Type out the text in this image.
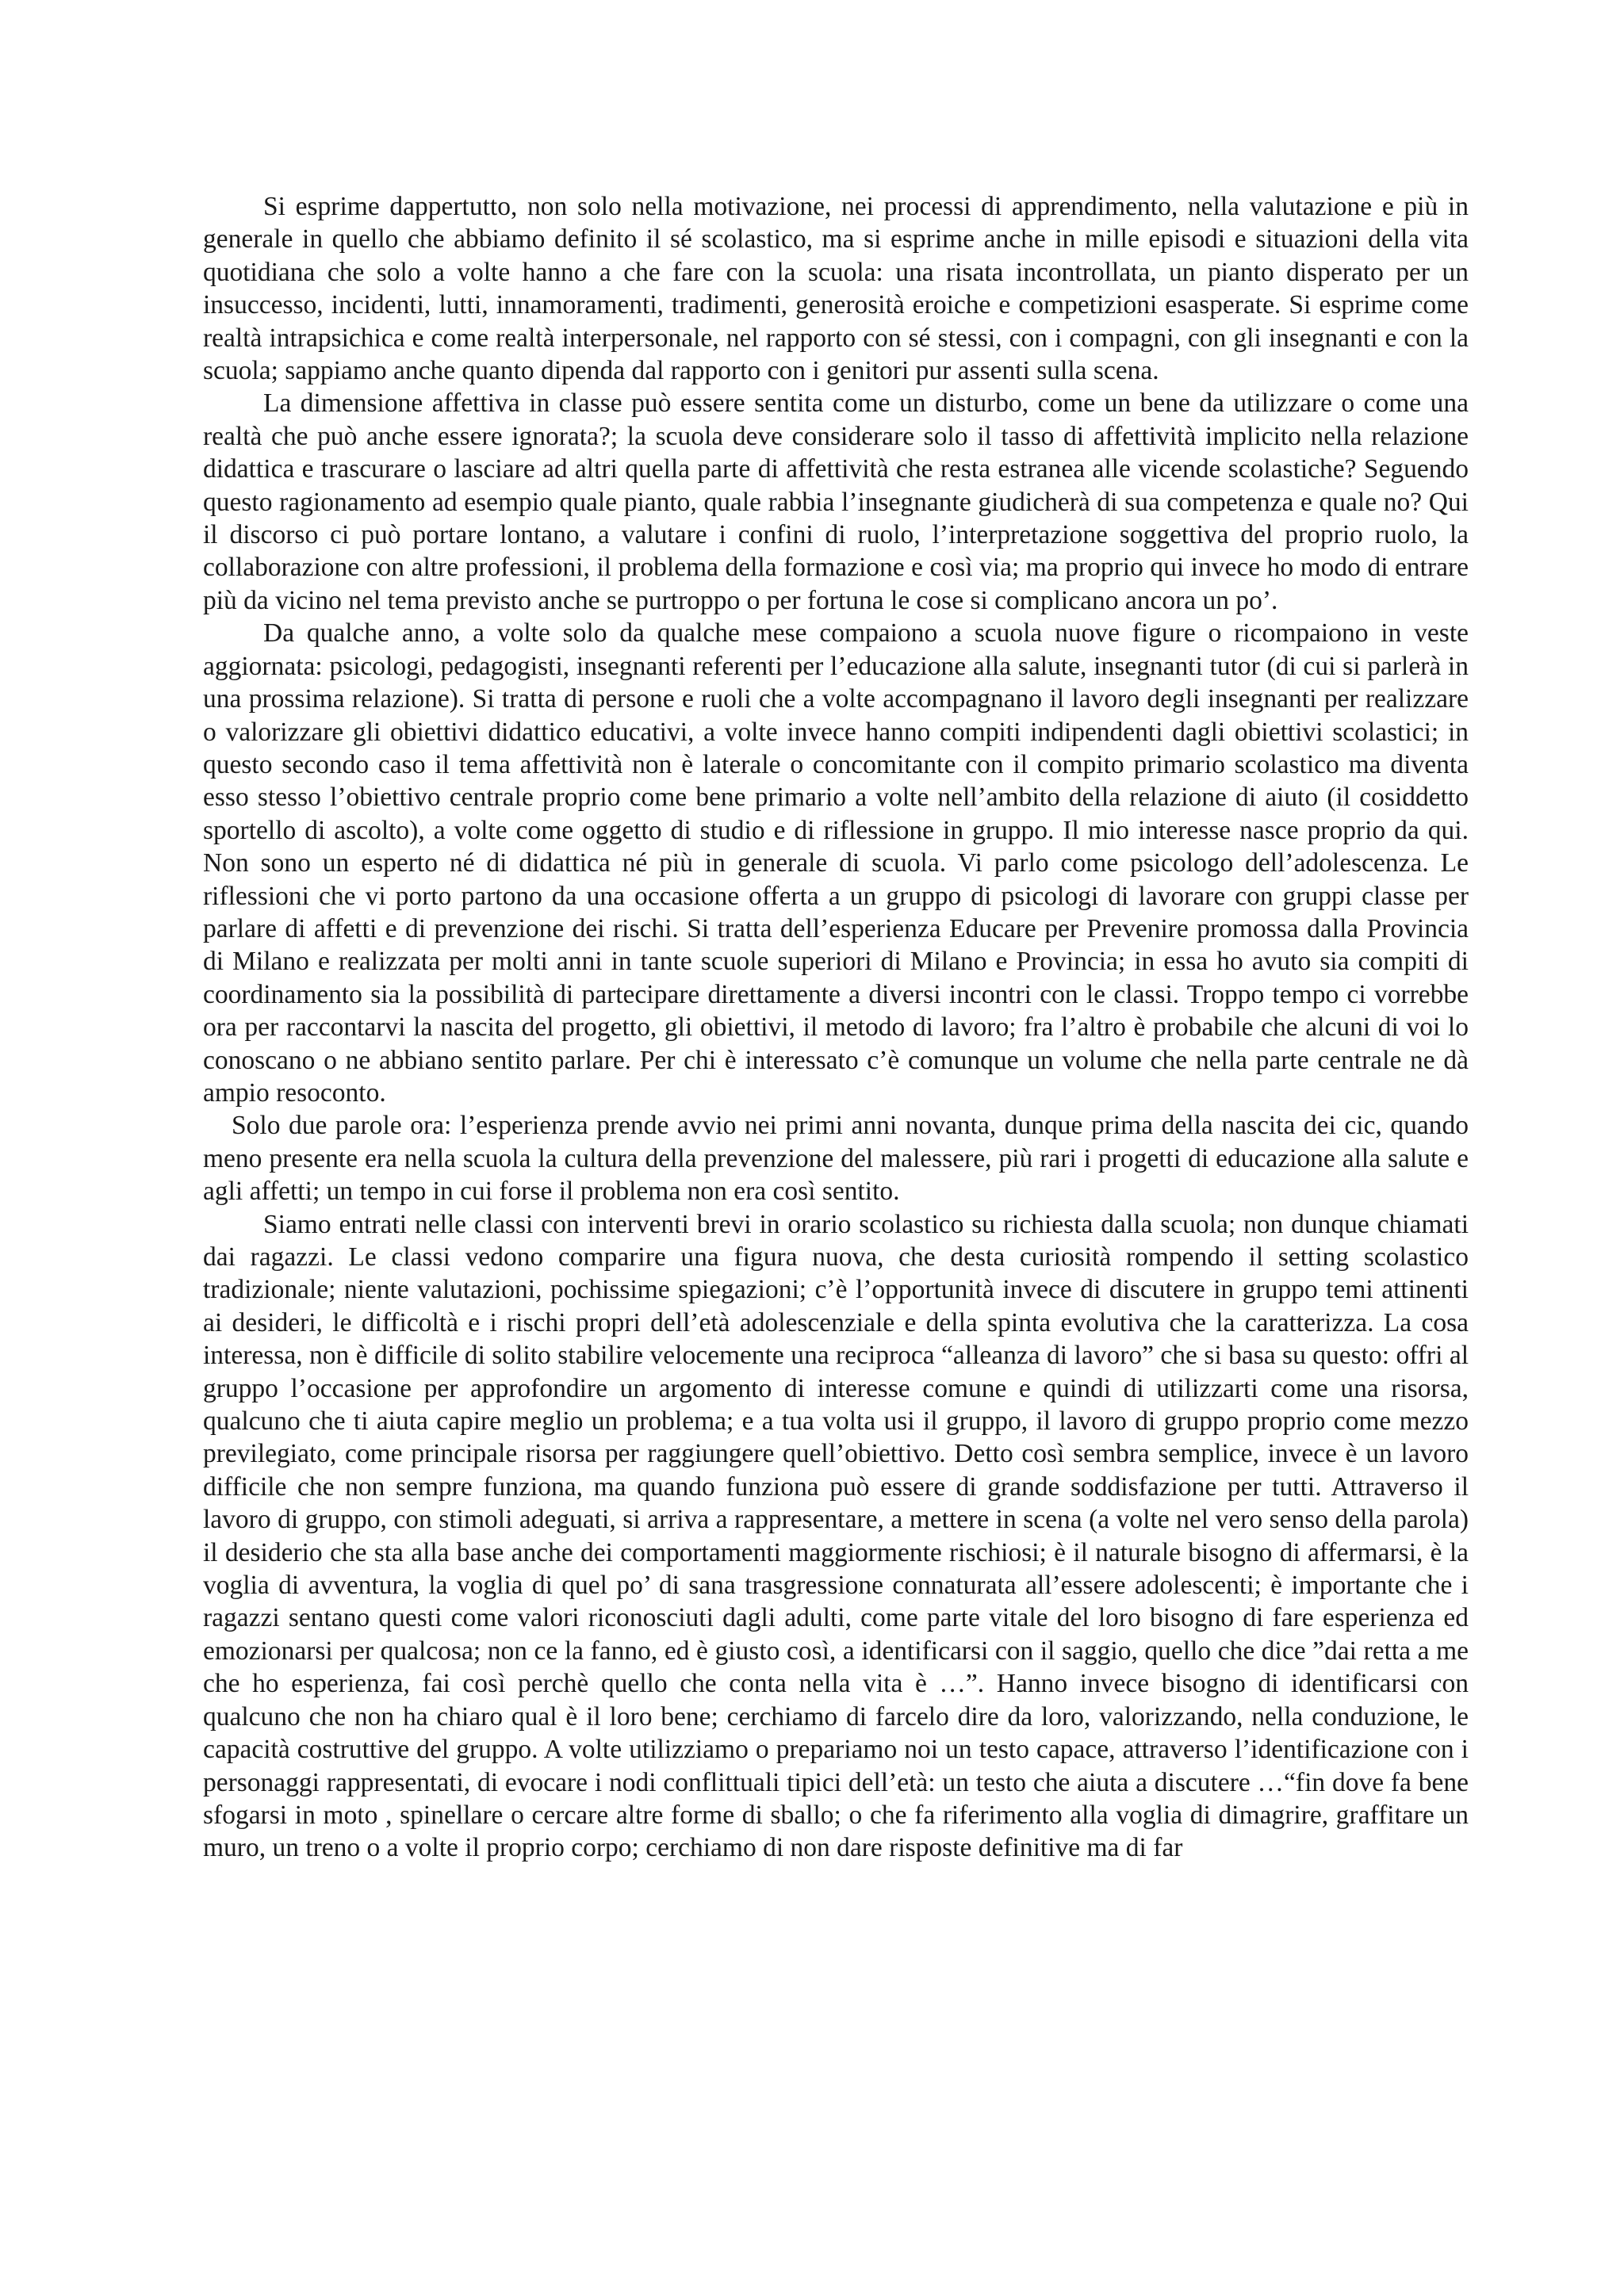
Si esprime dappertutto, non solo nella motivazione, nei processi di apprendimento, nella valutazione e più in generale in quello che abbiamo definito il sé scolastico, ma si esprime anche in mille episodi e situazioni della vita quotidiana che solo a volte hanno a che fare con la scuola: una risata incontrollata, un pianto disperato per un insuccesso, incidenti, lutti, innamoramenti, tradimenti, generosità eroiche e competizioni esasperate. Si esprime come realtà intrapsichica e come realtà interpersonale, nel rapporto con sé stessi, con i compagni, con gli insegnanti e con la scuola; sappiamo anche quanto dipenda dal rapporto con i genitori pur assenti sulla scena.

La dimensione affettiva in classe può essere sentita come un disturbo, come un bene da utilizzare o come una realtà che può anche essere ignorata?; la scuola deve considerare solo il tasso di affettività implicito nella relazione didattica e trascurare o lasciare ad altri quella parte di affettività che resta estranea alle vicende scolastiche? Seguendo questo ragionamento ad esempio quale pianto, quale rabbia l’insegnante giudicherà di sua competenza e quale no? Qui il discorso ci può portare lontano, a valutare i confini di ruolo, l’interpretazione soggettiva del proprio ruolo, la collaborazione con altre professioni, il problema della formazione e così via; ma proprio qui invece ho modo di entrare più da vicino nel tema previsto anche se purtroppo o per fortuna le cose si complicano ancora un po’.

Da qualche anno, a volte solo da qualche mese compaiono a scuola nuove figure o ricompaiono in veste aggiornata: psicologi, pedagogisti, insegnanti referenti per l’educazione alla salute, insegnanti tutor (di cui si parlerà in una prossima relazione). Si tratta di persone e ruoli che a volte accompagnano il lavoro degli insegnanti per realizzare o valorizzare gli obiettivi didattico educativi, a volte invece hanno compiti indipendenti dagli obiettivi scolastici; in questo secondo caso il tema affettività non è laterale o concomitante con il compito primario scolastico ma diventa esso stesso l’obiettivo centrale proprio come bene primario a volte nell’ambito della relazione di aiuto (il cosiddetto sportello di ascolto), a volte come oggetto di studio e di riflessione in gruppo. Il mio interesse nasce proprio da qui. Non sono un esperto né di didattica né più in generale di scuola. Vi parlo come psicologo dell’adolescenza. Le riflessioni che vi porto partono da una occasione offerta a un gruppo di psicologi di lavorare con gruppi classe per parlare di affetti e di prevenzione dei rischi. Si tratta dell’esperienza Educare per Prevenire promossa dalla Provincia di Milano e realizzata per molti anni in tante scuole superiori di Milano e Provincia; in essa ho avuto sia compiti di coordinamento sia la possibilità di partecipare direttamente a diversi incontri con le classi. Troppo tempo ci vorrebbe ora per raccontarvi la nascita del progetto, gli obiettivi, il metodo di lavoro; fra l’altro è probabile che alcuni di voi lo conoscano o ne abbiano sentito parlare. Per chi è interessato c’è comunque un volume che nella parte centrale ne dà ampio resoconto.

Solo due parole ora: l’esperienza prende avvio nei primi anni novanta, dunque prima della nascita dei cic, quando meno presente era nella scuola la cultura della prevenzione del malessere, più rari i progetti di educazione alla salute e agli affetti; un tempo in cui forse il problema non era così sentito.

Siamo entrati nelle classi con interventi brevi in orario scolastico su richiesta dalla scuola; non dunque chiamati dai ragazzi. Le classi vedono comparire una figura nuova, che desta curiosità rompendo il setting scolastico tradizionale; niente valutazioni, pochissime spiegazioni; c’è l’opportunità invece di discutere in gruppo temi attinenti ai desideri, le difficoltà e i rischi propri dell’età adolescenziale e della spinta evolutiva che la caratterizza. La cosa interessa, non è difficile di solito stabilire velocemente una reciproca “alleanza di lavoro” che si basa su questo: offri al gruppo l’occasione per approfondire un argomento di interesse comune e quindi di utilizzarti come una risorsa, qualcuno che ti aiuta capire meglio un problema; e a tua volta usi il gruppo, il lavoro di gruppo proprio come mezzo previlegiato, come principale risorsa per raggiungere quell’obiettivo. Detto così sembra semplice, invece è un lavoro difficile che non sempre funziona, ma quando funziona può essere di grande soddisfazione per tutti. Attraverso il lavoro di gruppo, con stimoli adeguati, si arriva a rappresentare, a mettere in scena (a volte nel vero senso della parola) il desiderio che sta alla base anche dei comportamenti maggiormente rischiosi; è il naturale bisogno di affermarsi, è la voglia di avventura, la voglia di quel po’ di sana trasgressione connaturata all’essere adolescenti; è importante che i ragazzi sentano questi come valori riconosciuti dagli adulti, come parte vitale del loro bisogno di fare esperienza ed emozionarsi per qualcosa; non ce la fanno, ed è giusto così, a identificarsi con il saggio, quello che dice ”dai retta a me che ho esperienza, fai così perchè quello che conta nella vita è …”. Hanno invece bisogno di identificarsi con qualcuno che non ha chiaro qual è il loro bene; cerchiamo di farcelo dire da loro, valorizzando, nella conduzione, le capacità costruttive del gruppo. A volte utilizziamo o prepariamo noi un testo capace, attraverso l’identificazione con i personaggi rappresentati, di evocare i nodi conflittuali tipici dell’età: un testo che aiuta a discutere …“fin dove fa bene sfogarsi in moto , spinellare o cercare altre forme di sballo; o che fa riferimento alla voglia di dimagrire, graffitare un muro, un treno o a volte il proprio corpo; cerchiamo di non dare risposte definitive ma di far
